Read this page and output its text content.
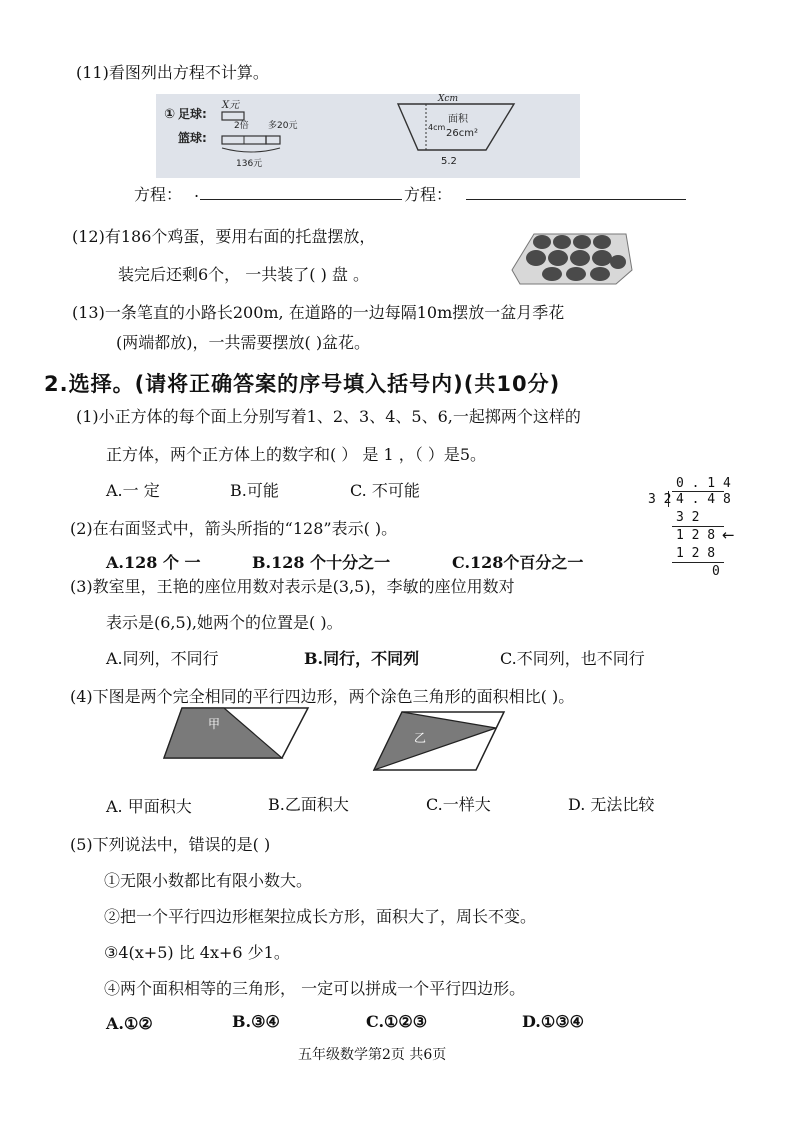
(11)看图列出方程不计算。
① 足球:
X元
篮球:
2倍 多20元
136元
Xcm
4cm
面积
26cm²
5.2
方程： .	方程：
(12)有186个鸡蛋，要用右面的托盘摆放，
装完后还剩6个， 一共装了( ) 盘 。
(13)一条笔直的小路长200m, 在道路的一边每隔10m摆放一盆月季花
(两端都放)，一共需要摆放( )盆花。
2.选择。(请将正确答案的序号填入括号内)(共10分)
(1)小正方体的每个面上分别写着1、2、3、4、5、6,一起掷两个这样的
正方体，两个正方体上的数字和( ） 是 1 ，（ ）是5。
A.一 定	B.可能	C. 不可能	0 . 1 4
3 2 4 . 4 8
3 2
1 2 8 ←
1 2 8
0
(2)在右面竖式中，箭头所指的“128”表示( )。
A.128 个 一	B.128 个十分之一	C.128个百分之一
(3)教室里，王艳的座位用数对表示是(3,5)，李敏的座位用数对
表示是(6,5),她两个的位置是( )。
A.同列，不同行	B.同行，不同列	C.不同列，也不同行
(4)下图是两个完全相同的平行四边形，两个涂色三角形的面积相比( )。
甲
乙
A. 甲面积大	B.乙面积大	C.一样大	D. 无法比较
(5)下列说法中，错误的是( )
①无限小数都比有限小数大。
②把一个平行四边形框架拉成长方形，面积大了，周长不变。
③4(x+5) 比 4x+6 少1。
④两个面积相等的三角形， 一定可以拼成一个平行四边形。
A.①②	B.③④	C.①②③	D.①③④
五年级数学第2页 共6页
